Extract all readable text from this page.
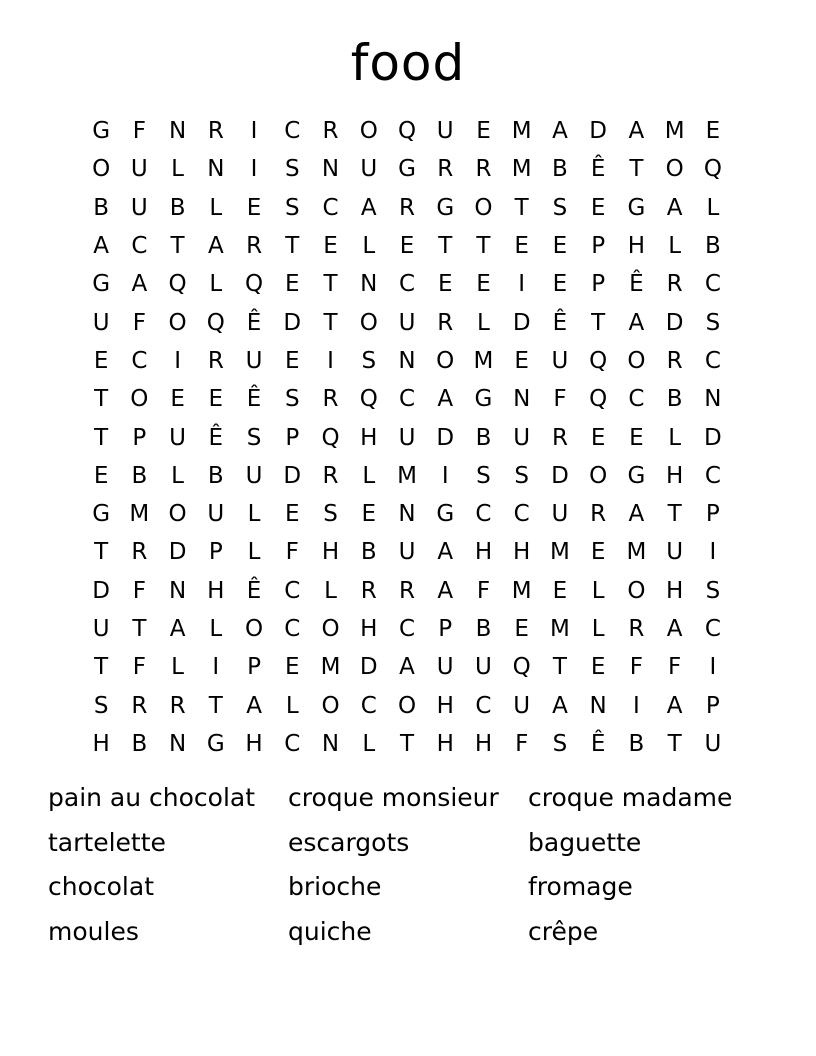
food
G F	N R	I	C R O Q U E M A D A M E
O U	L	N	I	S N U G R R M B	Ê	T O Q
B U B	L	E	S C A R G O T	S	E G A	L
A C	T	A R	T	E	L	E	T	T	E	E	P H	L	B
G A Q L Q E	T N C E	E	I	E	P	Ê R C
U	F O Q Ê D T O U R	L D Ê	T	A D S
E C	I	R U E	I	S N O M E U Q O R C
T O E	E	Ê	S R Q C A G N	F Q C B N
T	P U Ê	S	P Q H U D B U R E	E	L D
E	B	L	B U D R	L M	I	S	S D O G H C
G M O U	L	E	S	E N G C C U R A	T	P
T	R D P	L	F H B U A H H M E M U	I
D F	N H Ê C	L	R R A	F M E	L O H S
U T	A	L O C O H C	P	B	E M L	R A C
T	F	L	I	P	E M D A U U Q T	E	F	F	I
S R R	T	A	L O C O H C U A N	I	A	P
H B N G H C N	L	T H H F	S	Ê	B	T U
pain au chocolat	croque monsieur	croque madame
tartelette	escargots	baguette
chocolat	brioche	fromage
moules	quiche	crêpe
